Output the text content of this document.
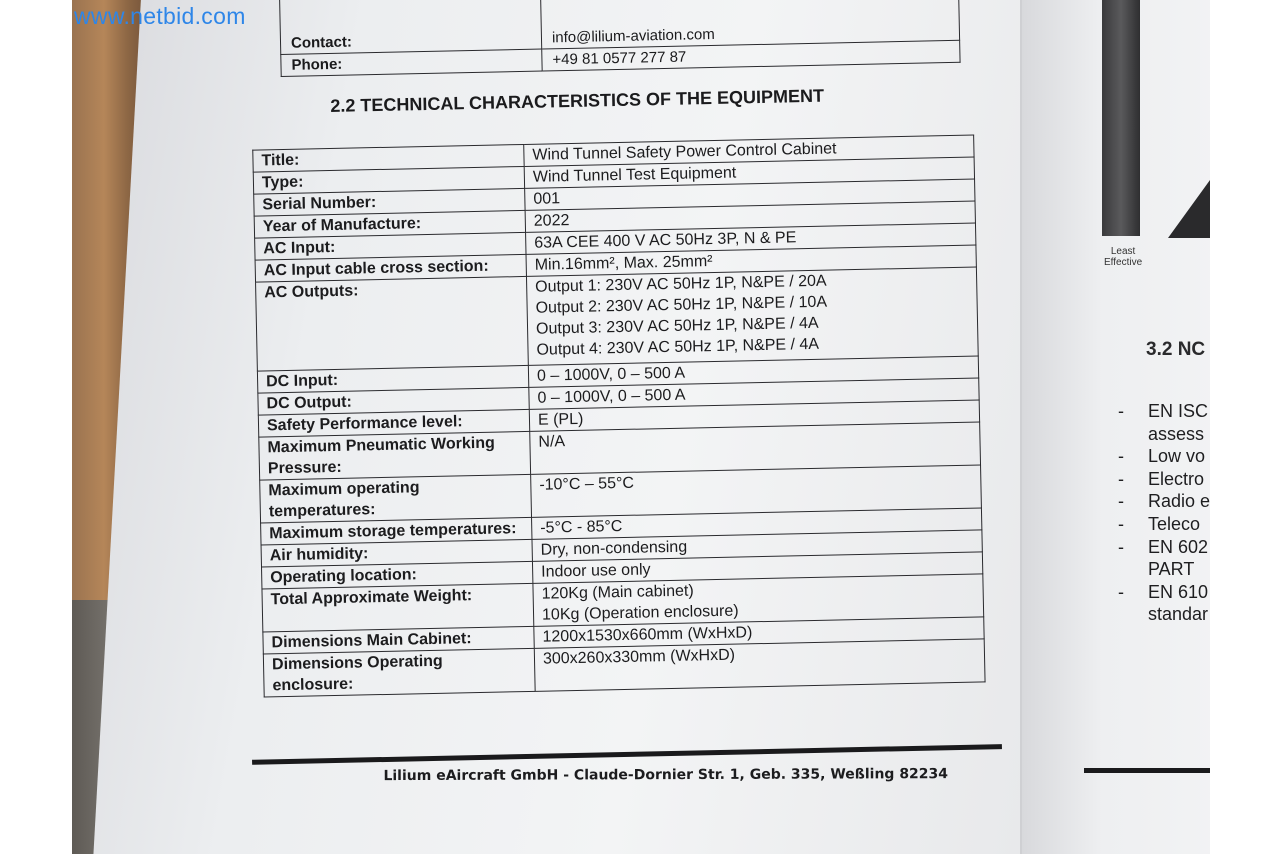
Contact:	info@lilium-aviation.com
Phone:	+49 81 0577 277 87
2.2 TECHNICAL CHARACTERISTICS OF THE EQUIPMENT
Title:	Wind Tunnel Safety Power Control Cabinet

Type:	Wind Tunnel Test Equipment

Serial Number:	001

Year of Manufacture:	2022

AC Input:	63A CEE 400 V AC 50Hz 3P, N & PE

AC Input cable cross section:	Min.16mm², Max. 25mm²

AC Outputs:	Output 1: 230V AC 50Hz 1P, N&PE / 20A
Output 2: 230V AC 50Hz 1P, N&PE / 10A
Output 3: 230V AC 50Hz 1P, N&PE / 4A
Output 4: 230V AC 50Hz 1P, N&PE / 4A

DC Input:	0 – 1000V, 0 – 500 A

DC Output:	0 – 1000V, 0 – 500 A

Safety Performance level:	E (PL)

Maximum Pneumatic Working Pressure:	N/A

Maximum operating temperatures:	-10°C – 55°C

Maximum storage temperatures:	-5°C - 85°C

Air humidity:	Dry, non-condensing

Operating location:	Indoor use only

Total Approximate Weight:	120Kg (Main cabinet)
10Kg (Operation enclosure)

Dimensions Main Cabinet:	1200x1530x660mm (WxHxD)

Dimensions Operating enclosure:	300x260x330mm (WxHxD)
Lilium eAircraft GmbH - Claude-Dornier Str. 1, Geb. 335, Weßling 82234
Least
Effective
3.2 NC
-	EN ISC
assess
-	Low vo
-	Electro
-	Radio e
-	Teleco
-	EN 602
PART
-	EN 610
standar
www.netbid.com
